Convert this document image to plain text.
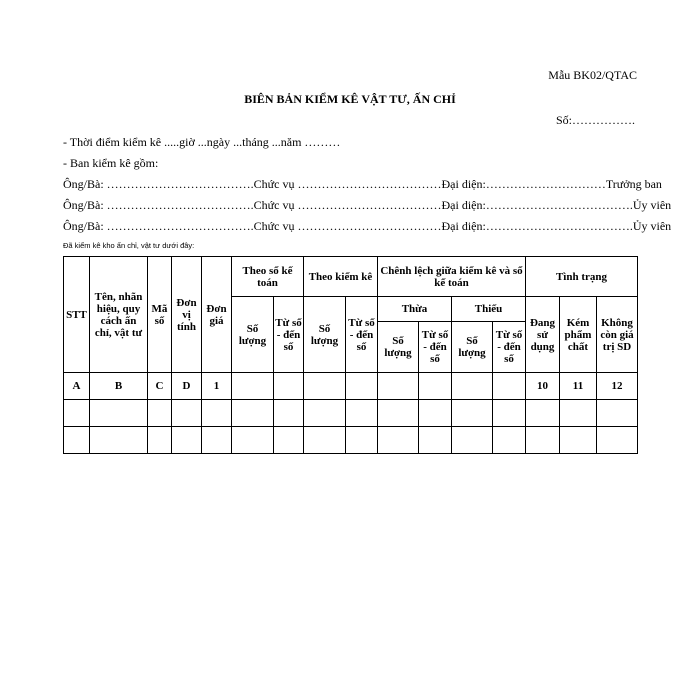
Mẫu BK02/QTAC
BIÊN BẢN KIỂM KÊ VẬT TƯ, ẤN CHỈ
Số:…………….
- Thời điểm kiểm kê .....giờ ...ngày ...tháng ...năm ………
- Ban kiểm kê gồm:
Ông/Bà: ……………………………….Chức vụ ………………………………Đại diện:…………………………Trưởng ban
Ông/Bà: ……………………………….Chức vụ ………………………………Đại diện:……………………………….Ủy viên
Ông/Bà: ……………………………….Chức vụ ………………………………Đại diện:……………………………….Ủy viên
Đã kiểm kê kho ấn chỉ, vật tư dưới đây:
STT	Tên, nhãn hiệu, quy cách ấn chỉ, vật tư	Mã số	Đơn vị tính	Đơn giá	Theo sổ kế toán		Theo kiểm kê		Chênh lệch giữa kiểm kê và sổ kế toán				Tình trạng		
					Số lượng	Từ số - đến số	Số lượng	Từ số - đến số	Thừa		Thiếu		Đang sử dụng	Kém phẩm chất	Không còn giá trị SD
									Số lượng	Từ số - đến số	Số lượng	Từ số - đến số			
A	B	C	D	1									10	11	12
